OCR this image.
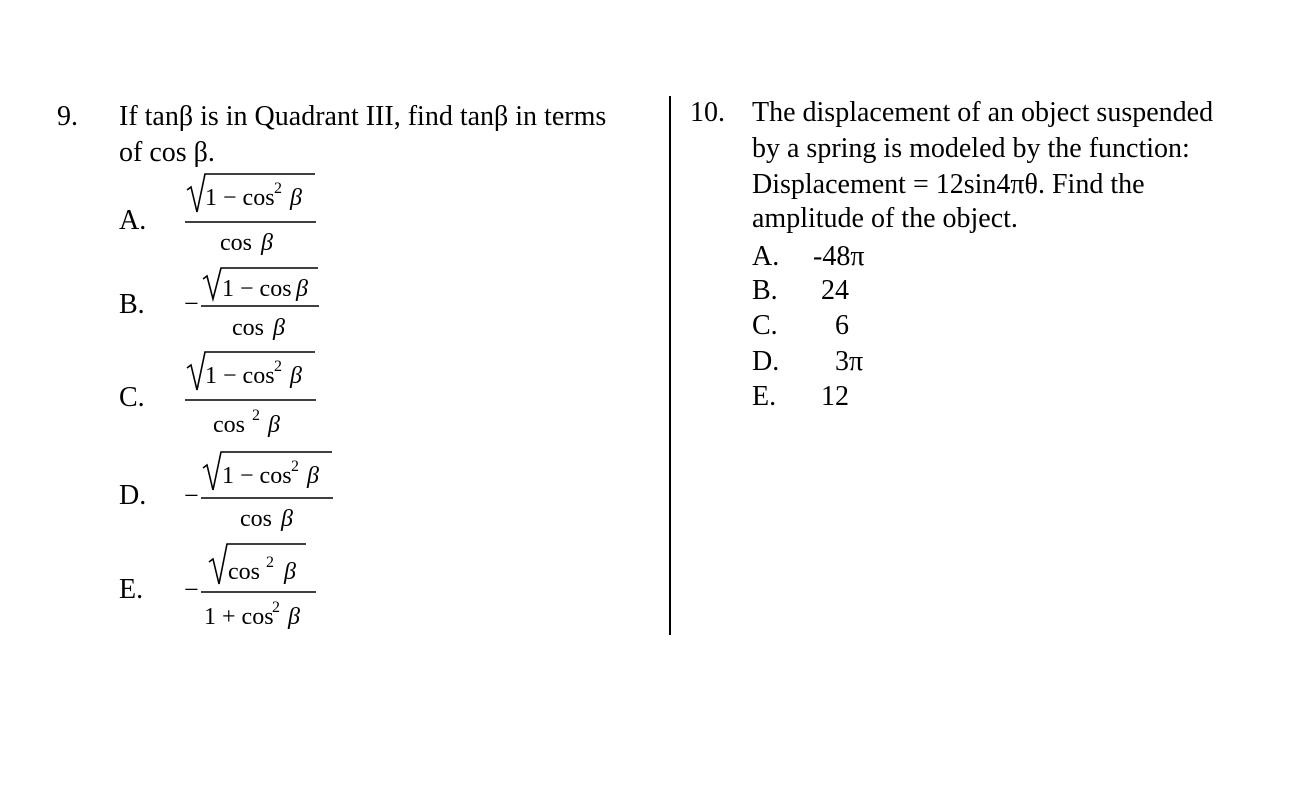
9. If tanβ is in Quadrant III, find tanβ in terms
of cos β.
A.
1 − cos 2 β
cos β
B. − 1 − cos β
cos β
C.
1 − cos 2 β
cos 2 β
D. −
1 − cos 2 β
cos β
E. −
cos 2 β
1 + cos
2 β
10. The displacement of an object suspended
by a spring is modeled by the function:
Displacement = 12sin4πθ. Find the
amplitude of the object.
A. -48π
B. 24
C. 6
D. 3π
E. 12
